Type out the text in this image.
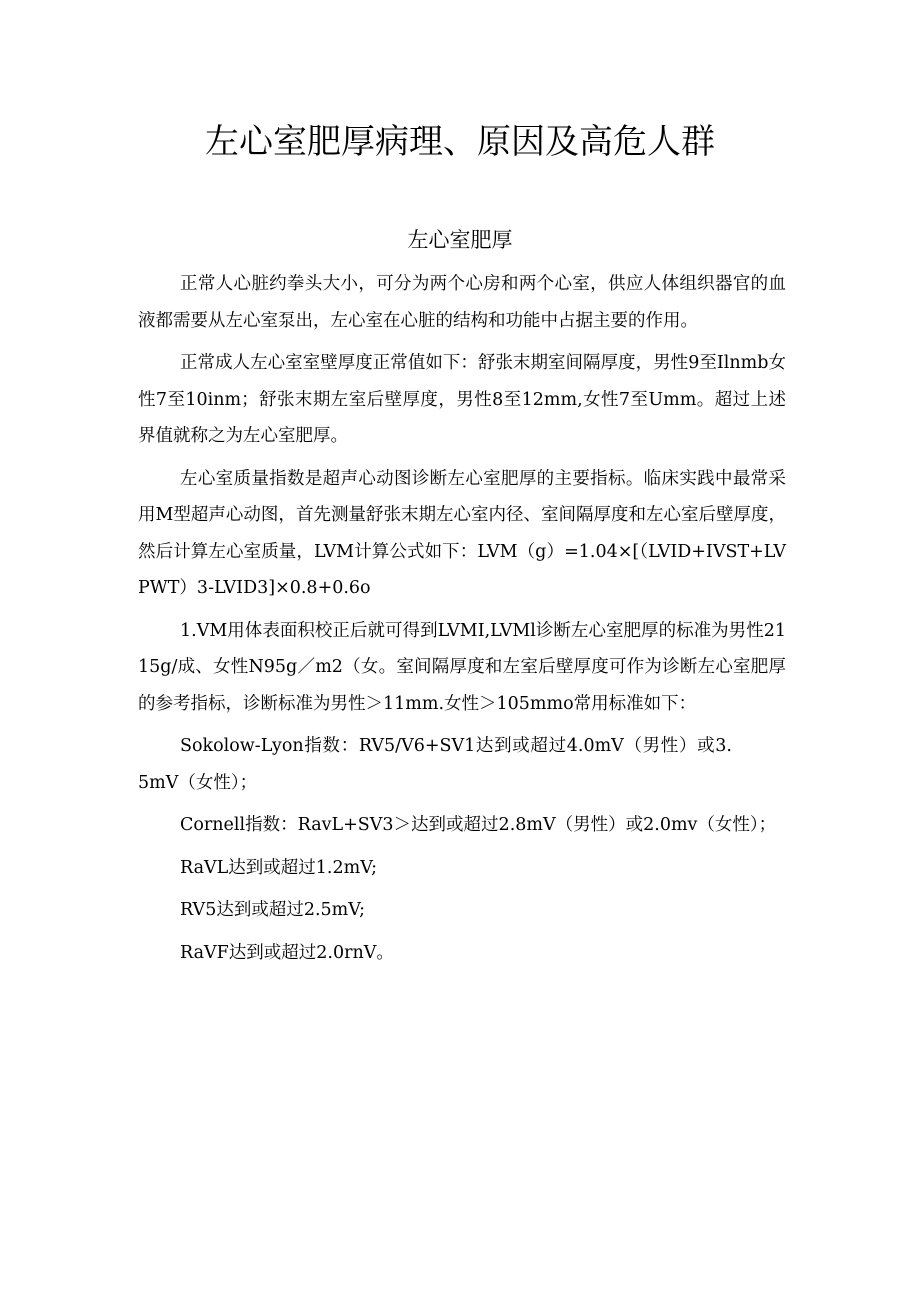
左心室肥厚病理、原因及高危人群
左心室肥厚

正常人心脏约拳头大小，可分为两个心房和两个心室，供应人体组织器官的血液都需要从左心室泵出，左心室在心脏的结构和功能中占据主要的作用。

正常成人左心室室壁厚度正常值如下：舒张末期室间隔厚度，男性9至Ilnmb女性7至10inm；舒张末期左室后壁厚度，男性8至12mm,女性7至Umm。超过上述界值就称之为左心室肥厚。

左心室质量指数是超声心动图诊断左心室肥厚的主要指标。临床实践中最常采用M型超声心动图，首先测量舒张末期左心室内径、室间隔厚度和左心室后壁厚度，然后计算左心室质量，LVM计算公式如下：LVM（g）=1.04×[（LVID+IVST+LVPWT）3-LVID3]×0.8+0.6o

1.VM用体表面积校正后就可得到LVMI,LVMl诊断左心室肥厚的标准为男性2115g/成、女性N95g／m2（女。室间隔厚度和左室后壁厚度可作为诊断左心室肥厚的参考指标，诊断标准为男性＞11mm.女性＞105mmo常用标准如下：

Sokolow-Lyon指数：RV5/V6+SV1达到或超过4.0mV（男性）或3.5mV（女性）；

Cornell指数：RavL+SV3＞达到或超过2.8mV（男性）或2.0mv（女性）；

RaVL达到或超过1.2mV;

RV5达到或超过2.5mV;

RaVF达到或超过2.0rnV。
